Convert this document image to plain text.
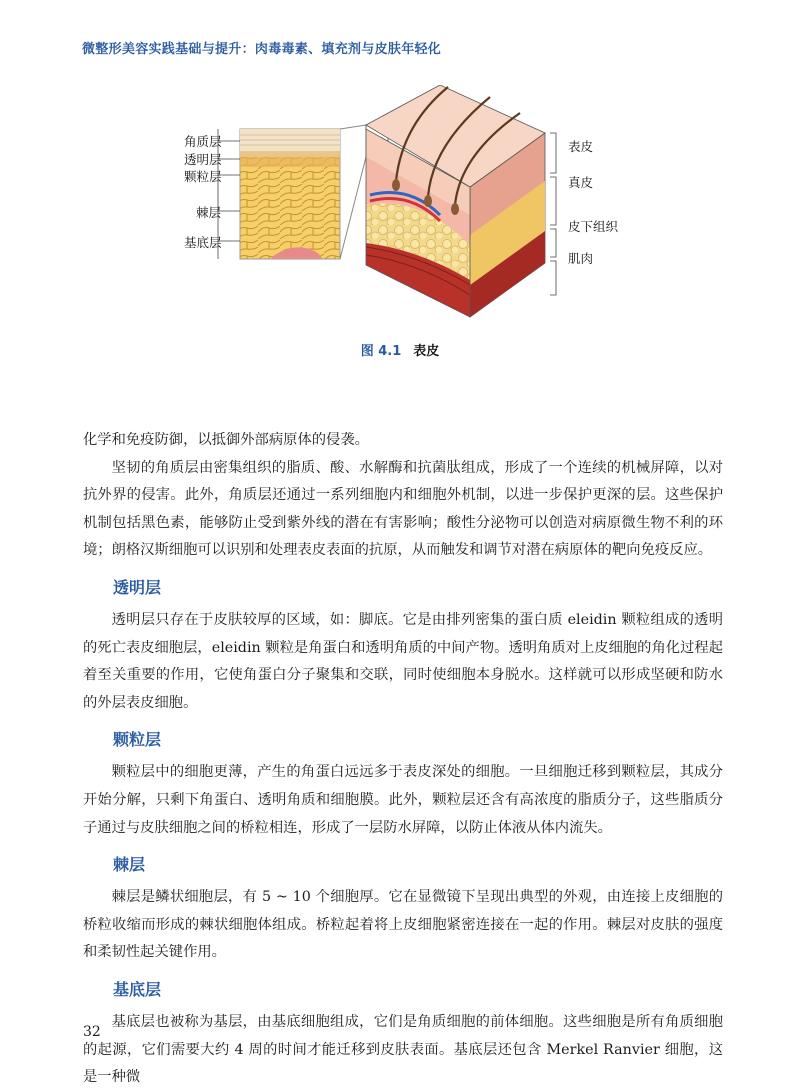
微整形美容实践基础与提升：肉毒毒素、填充剂与皮肤年轻化
角质层
透明层
颗粒层
棘层
基底层
表皮
真皮
皮下组织
肌肉
图 4.1 表皮

化学和免疫防御，以抵御外部病原体的侵袭。

坚韧的角质层由密集组织的脂质、酸、水解酶和抗菌肽组成，形成了一个连续的机械屏障，以对抗外界的侵害。此外，角质层还通过一系列细胞内和细胞外机制，以进一步保护更深的层。这些保护机制包括黑色素，能够防止受到紫外线的潜在有害影响；酸性分泌物可以创造对病原微生物不利的环境；朗格汉斯细胞可以识别和处理表皮表面的抗原，从而触发和调节对潜在病原体的靶向免疫反应。

透明层

透明层只存在于皮肤较厚的区域，如：脚底。它是由排列密集的蛋白质 eleidin 颗粒组成的透明的死亡表皮细胞层，eleidin 颗粒是角蛋白和透明角质的中间产物。透明角质对上皮细胞的角化过程起着至关重要的作用，它使角蛋白分子聚集和交联，同时使细胞本身脱水。这样就可以形成坚硬和防水的外层表皮细胞。

颗粒层

颗粒层中的细胞更薄，产生的角蛋白远远多于表皮深处的细胞。一旦细胞迁移到颗粒层，其成分开始分解，只剩下角蛋白、透明角质和细胞膜。此外，颗粒层还含有高浓度的脂质分子，这些脂质分子通过与皮肤细胞之间的桥粒相连，形成了一层防水屏障，以防止体液从体内流失。

棘层

棘层是鳞状细胞层，有 5 ~ 10 个细胞厚。它在显微镜下呈现出典型的外观，由连接上皮细胞的桥粒收缩而形成的棘状细胞体组成。桥粒起着将上皮细胞紧密连接在一起的作用。棘层对皮肤的强度和柔韧性起关键作用。

基底层

基底层也被称为基层，由基底细胞组成，它们是角质细胞的前体细胞。这些细胞是所有角质细胞的起源，它们需要大约 4 周的时间才能迁移到皮肤表面。基底层还包含 Merkel Ranvier 细胞，这是一种微

32
